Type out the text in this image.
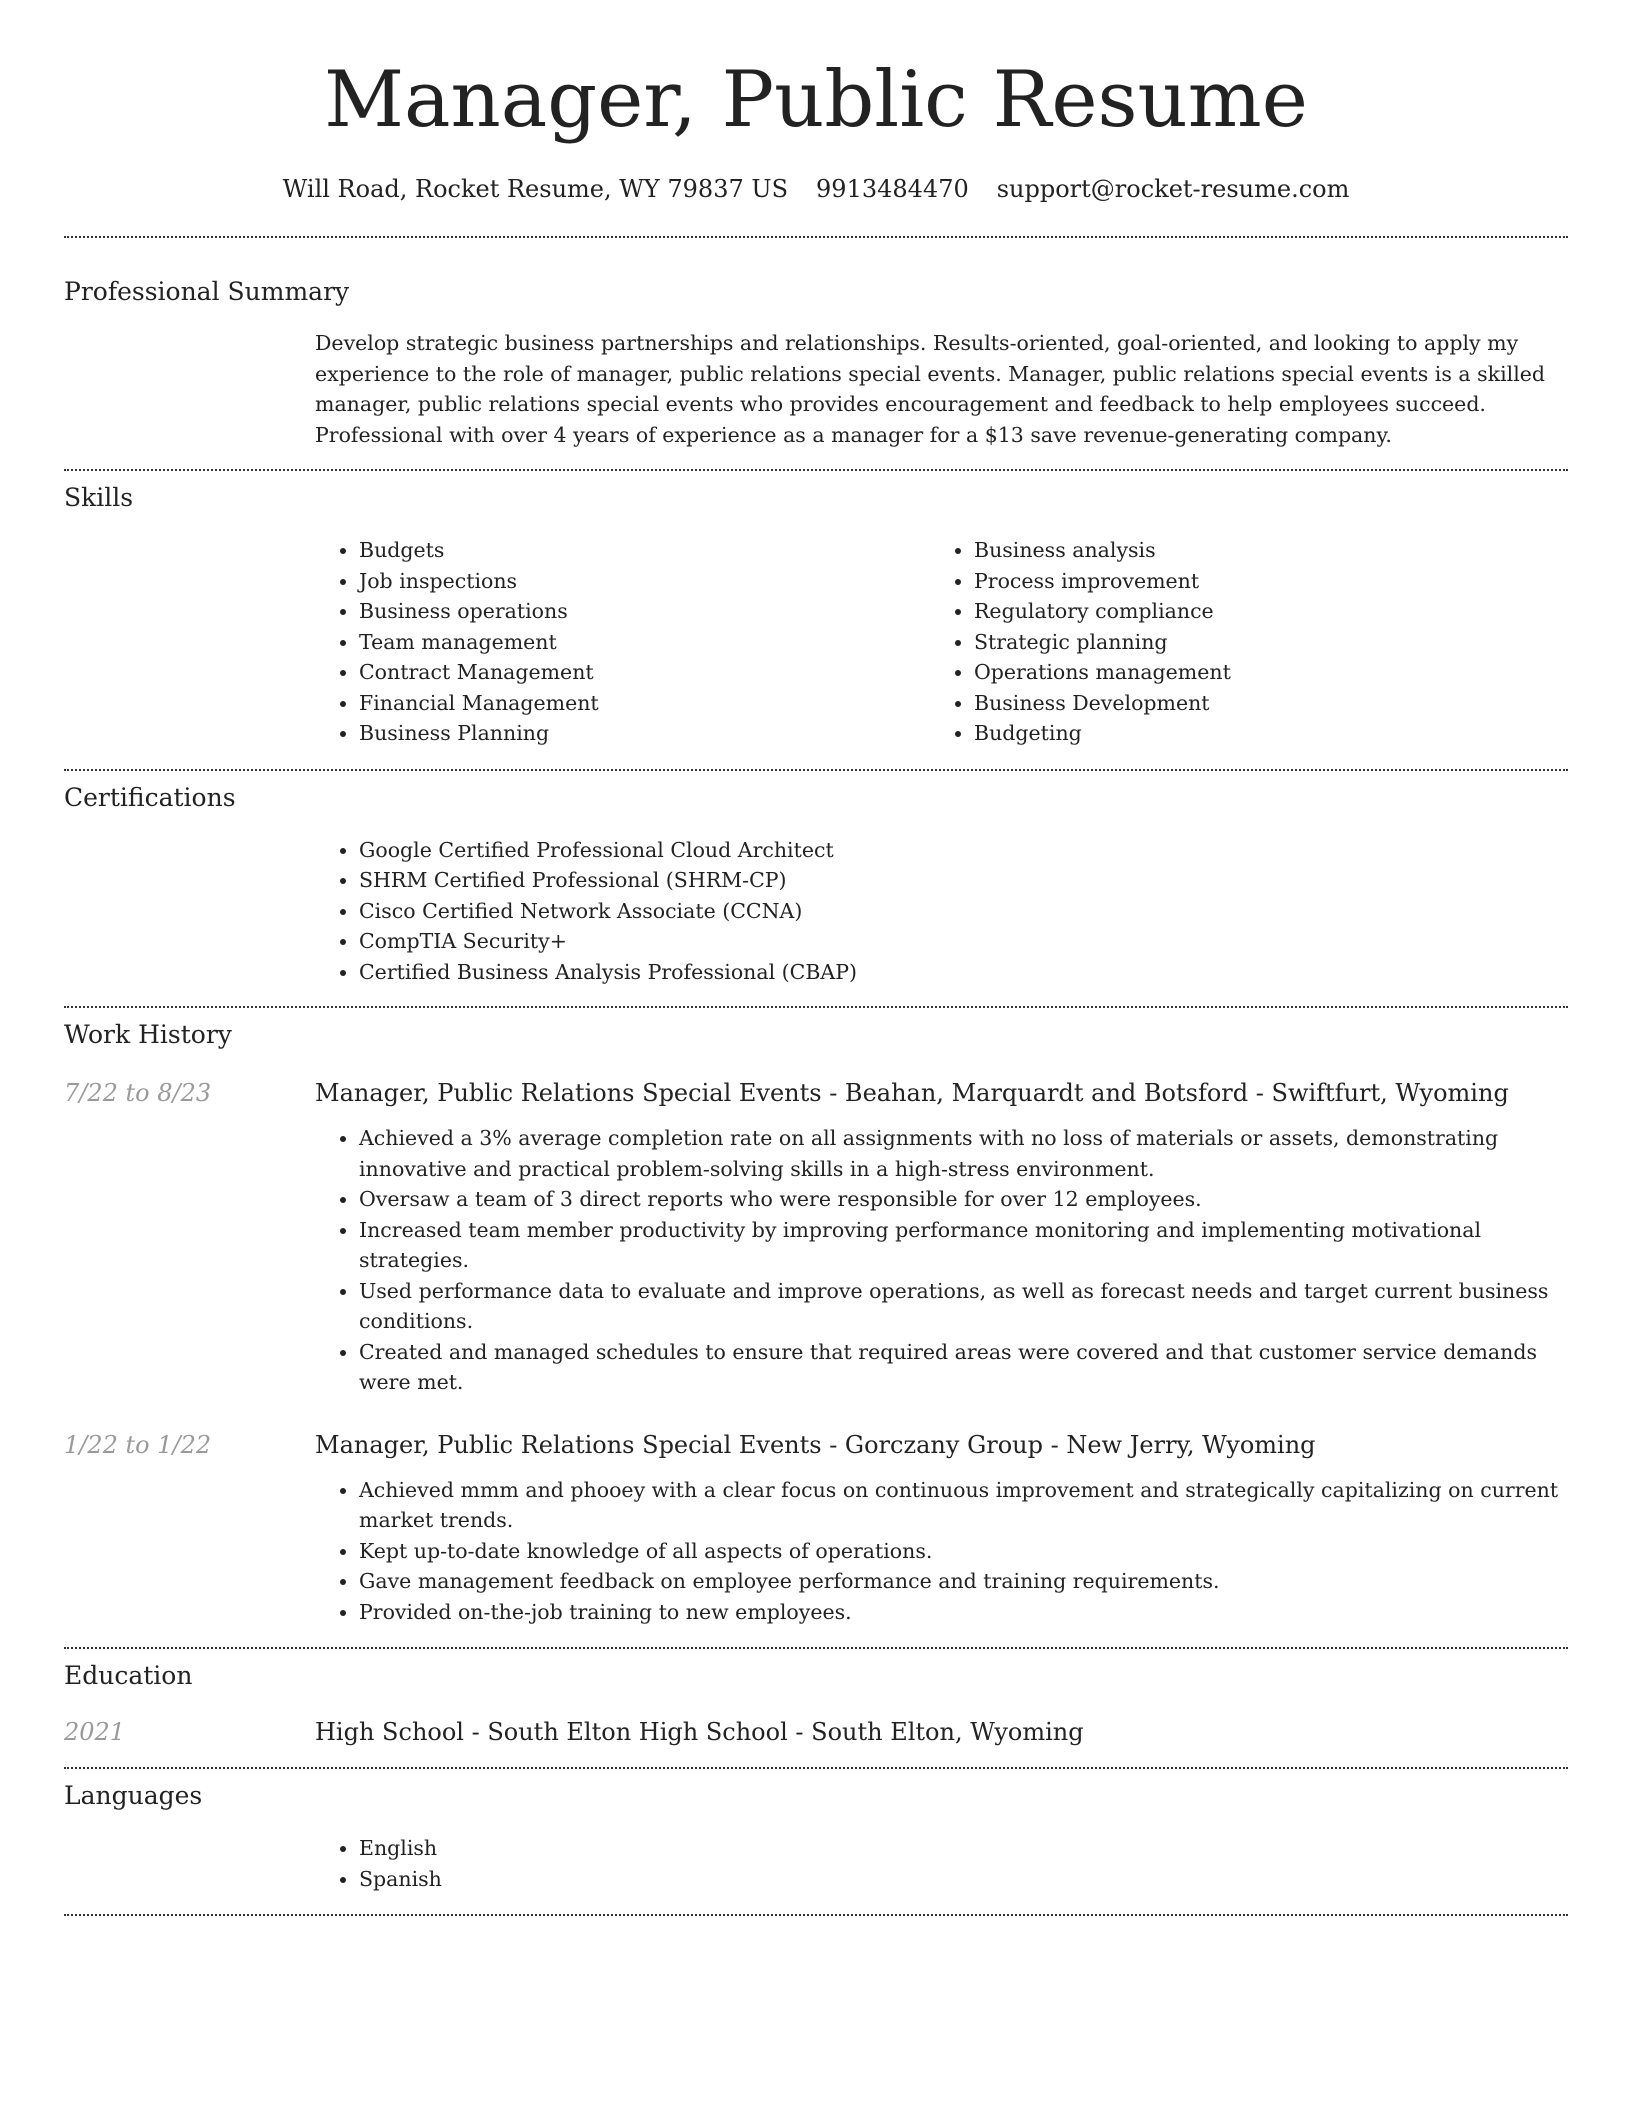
Manager, Public Resume
Will Road, Rocket Resume, WY 79837 US 9913484470 support@rocket-resume.com
Professional Summary

Develop strategic business partnerships and relationships. Results-oriented, goal-oriented, and looking to apply my experience to the role of manager, public relations special events. Manager, public relations special events is a skilled manager, public relations special events who provides encouragement and feedback to help employees succeed. Professional with over 4 years of experience as a manager for a $13 save revenue-generating company.

Skills
• Budgets
• Job inspections
• Business operations
• Team management
• Contract Management
• Financial Management
• Business Planning
• Business analysis
• Process improvement
• Regulatory compliance
• Strategic planning
• Operations management
• Business Development
• Budgeting
Certifications
• Google Certified Professional Cloud Architect
• SHRM Certified Professional (SHRM-CP)
• Cisco Certified Network Associate (CCNA)
• CompTIA Security+
• Certified Business Analysis Professional (CBAP)
Work History
7/22 to 8/23	Manager, Public Relations Special Events - Beahan, Marquardt and Botsford - Swiftfurt, Wyoming
• Achieved a 3% average completion rate on all assignments with no loss of materials or assets, demonstrating innovative and practical problem-solving skills in a high-stress environment.
• Oversaw a team of 3 direct reports who were responsible for over 12 employees.
• Increased team member productivity by improving performance monitoring and implementing motivational strategies.
• Used performance data to evaluate and improve operations, as well as forecast needs and target current business conditions.
• Created and managed schedules to ensure that required areas were covered and that customer service demands were met.
1/22 to 1/22	Manager, Public Relations Special Events - Gorczany Group - New Jerry, Wyoming
• Achieved mmm and phooey with a clear focus on continuous improvement and strategically capitalizing on current market trends.
• Kept up-to-date knowledge of all aspects of operations.
• Gave management feedback on employee performance and training requirements.
• Provided on-the-job training to new employees.
Education
2021	High School - South Elton High School - South Elton, Wyoming
Languages
• English
• Spanish
